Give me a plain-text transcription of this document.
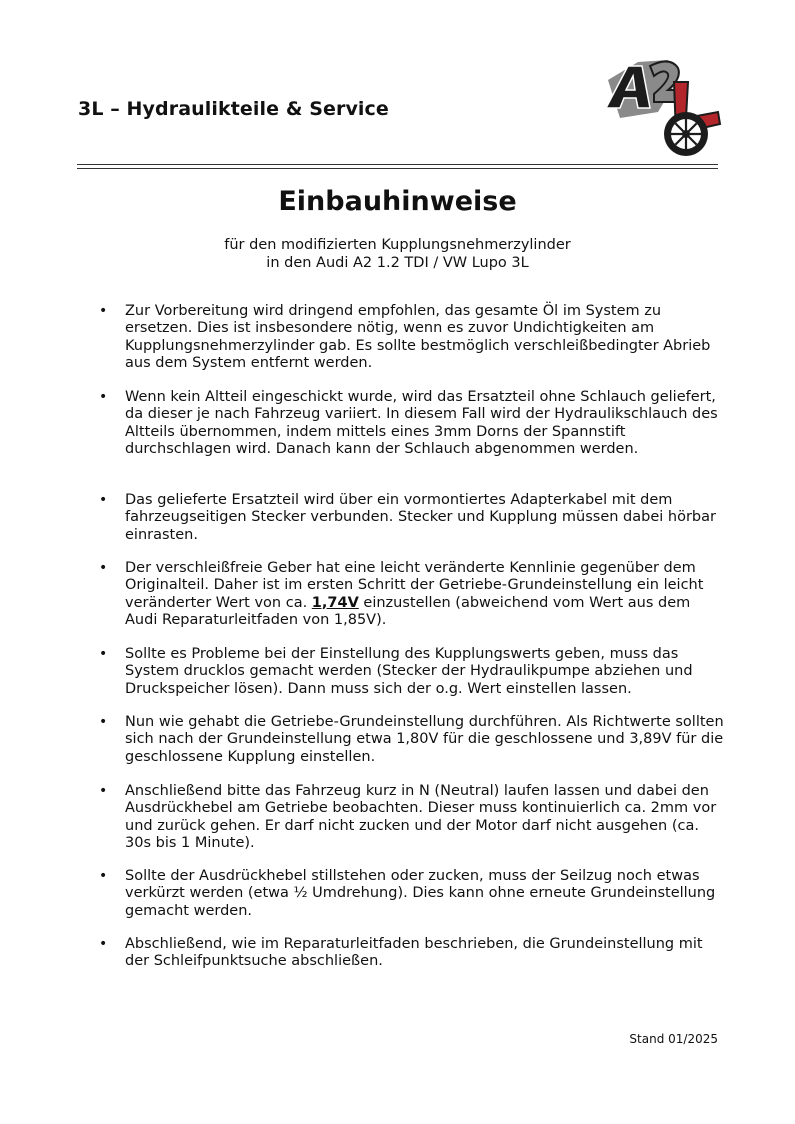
3L – Hydraulikteile & Service
Einbauhinweise
für den modifizierten Kupplungsnehmerzylinder
in den Audi A2 1.2 TDI / VW Lupo 3L
• Zur Vorbereitung wird dringend empfohlen, das gesamte Öl im System zu ersetzen. Dies ist insbesondere nötig, wenn es zuvor Undichtigkeiten am Kupplungsnehmerzylinder gab. Es sollte bestmöglich verschleißbedingter Abrieb aus dem System entfernt werden.
• Wenn kein Altteil eingeschickt wurde, wird das Ersatzteil ohne Schlauch geliefert, da dieser je nach Fahrzeug variiert. In diesem Fall wird der Hydraulikschlauch des Altteils übernommen, indem mittels eines 3mm Dorns der Spannstift durchschlagen wird. Danach kann der Schlauch abgenommen werden.
• Das gelieferte Ersatzteil wird über ein vormontiertes Adapterkabel mit dem fahrzeugseitigen Stecker verbunden. Stecker und Kupplung müssen dabei hörbar einrasten.
• Der verschleißfreie Geber hat eine leicht veränderte Kennlinie gegenüber dem Originalteil. Daher ist im ersten Schritt der Getriebe-Grundeinstellung ein leicht veränderter Wert von ca. 1,74V einzustellen (abweichend vom Wert aus dem Audi Reparaturleitfaden von 1,85V).
• Sollte es Probleme bei der Einstellung des Kupplungswerts geben, muss das System drucklos gemacht werden (Stecker der Hydraulikpumpe abziehen und Druckspeicher lösen). Dann muss sich der o.g. Wert einstellen lassen.
• Nun wie gehabt die Getriebe-Grundeinstellung durchführen. Als Richtwerte sollten sich nach der Grundeinstellung etwa 1,80V für die geschlossene und 3,89V für die geschlossene Kupplung einstellen.
• Anschließend bitte das Fahrzeug kurz in N (Neutral) laufen lassen und dabei den Ausdrückhebel am Getriebe beobachten. Dieser muss kontinuierlich ca. 2mm vor und zurück gehen. Er darf nicht zucken und der Motor darf nicht ausgehen (ca. 30s bis 1 Minute).
• Sollte der Ausdrückhebel stillstehen oder zucken, muss der Seilzug noch etwas verkürzt werden (etwa ½ Umdrehung). Dies kann ohne erneute Grundeinstellung gemacht werden.
• Abschließend, wie im Reparaturleitfaden beschrieben, die Grundeinstellung mit der Schleifpunktsuche abschließen.
Stand 01/2025
